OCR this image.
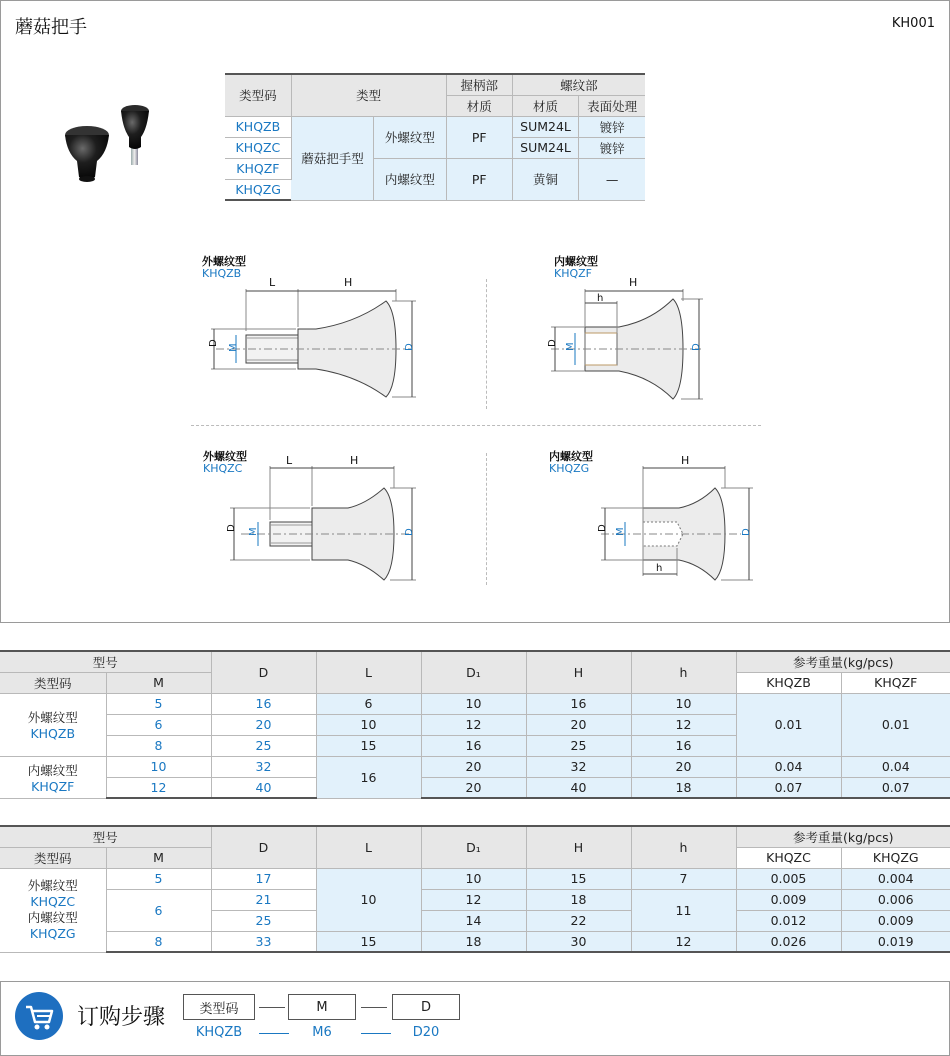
蘑菇把手	KH001
类型码	类型		握柄部	螺纹部	
			材质	材质	表面处理
KHQZB	蘑菇把手型	外螺纹型	PF	SUM24L	镀锌
KHQZC				SUM24L	镀锌
KHQZF		内螺纹型	PF	黄铜	—
KHQZG					
外螺纹型
KHQZB
L	H
D
M	D
内螺纹型
KHQZF
H
h
D M	D
外螺纹型
KHQZC
L	H
D M	D
内螺纹型
KHQZG
H
h
D M	D
型号		D	L	D₁	H	h	参考重量(kg/pcs)	
类型码	M						KHQZB	KHQZF
外螺纹型
KHQZB	5	16	6	10	16	10	0.01	0.01
	6	20	10	12	20	12		
	8	25	15	16	25	16		
内螺纹型
KHQZF	10	32	16	20	32	20	0.04	0.04
	12	40		20	40	18	0.07	0.07
型号		D	L	D₁	H	h	参考重量(kg/pcs)	
类型码	M						KHQZC	KHQZG
外螺纹型
KHQZC
内螺纹型
KHQZG	5	17	10	10	15	7	0.005	0.004
	6	21		12	18	11	0.009	0.006
		25		14	22		0.012	0.009
	8	33	15	18	30	12	0.026	0.019
订购步骤	类型码	M	D
KHQZB	M6	D20
